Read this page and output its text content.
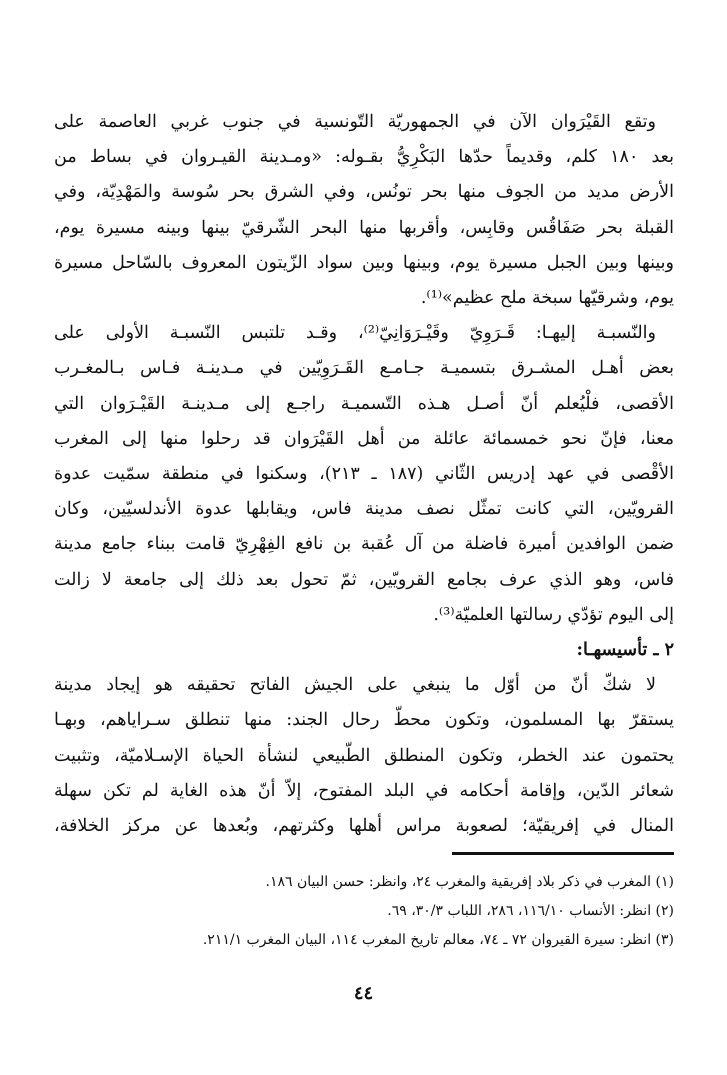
وتقع القَيْرَوان الآن في الجمهوريّة التّونسية في جنوب غربي العاصمة على
بعد ١٨٠ كلم، وقديماً حدّها البَكْرِيُّ بقـوله: «ومـدينة القيـروان في بساط من
الأرض مديد من الجوف منها بحر تونُس، وفي الشرق بحر سُوسة والمَهْدِيّة، وفي
القبلة بحر صَفَاقُس وقابِس، وأقربها منها البحر الشّرقيّ بينها وبينه مسيرة يوم،
وبينها وبين الجبل مسيرة يوم، وبينها وبين سواد الزّيتون المعروف بالسّاحل مسيرة
يوم، وشرقيّها سبخة ملح عظيم»⁽¹⁾.

والنّسبـة إليهـا: قَـرَوِيّ وقَيْـرَوَانِيّ⁽²⁾، وقـد تلتبس النّسبـة الأولى على
بعض أهـل المشـرق بتسميـة جـامـع القَـرَوِيّين في مـدينـة فـاس بـالمغـرب
الأقصى، فلْيُعلم أنّ أصـل هـذه التّسميـة راجـع إلى مـدينـة القَيْـرَوان التي
معنا، فإنّ نحو خمسمائة عائلة من أهل القَيْرَوان قد رحلوا منها إلى المغرب
الأقْصى في عهد إدريس الثّاني (١٨٧ ـ ٢١٣)، وسكنوا في منطقة سمّيت عدوة
القرويّين، التي كانت تمثّل نصف مدينة فاس، ويقابلها عدوة الأندلسيّين، وكان
ضمن الوافدين أميرة فاضلة من آل عُقبة بن نافع الفِهْرِيّ قامت ببناء جامع مدينة
فاس، وهو الذي عرف بجامع القرويّين، ثمّ تحول بعد ذلك إلى جامعة لا زالت
إلى اليوم تؤدّي رسالتها العلميّة⁽³⁾.

٢ ـ تأسيسهـا:

لا شكّ أنّ من أوّل ما ينبغي على الجيش الفاتح تحقيقه هو إيجاد مدينة
يستقرّ بها المسلمون، وتكون محطّ رحال الجند: منها تنطلق سـراياهم، وبهـا
يحتمون عند الخطر، وتكون المنطلق الطّبيعي لنشأة الحياة الإسـلاميّة، وتثبيت
شعائر الدّين، وإقامة أحكامه في البلد المفتوح، إلاّ أنّ هذه الغاية لم تكن سهلة
المنال في إفريقيّة؛ لصعوبة مراس أهلها وكثرتهم، وبُعدها عن مركز الخلافة،

(١) المغرب في ذكر بلاد إفريقية والمغرب ٢٤، وانظر: حسن البيان ١٨٦.

(٢) انظر: الأنساب ١١٦/١٠، ٢٨٦، اللباب ٣٠/٣، ٦٩.

(٣) انظر: سيرة القيروان ٧٢ ـ ٧٤، معالم تاريخ المغرب ١١٤، البيان المغرب ٢١١/١.

٤٤
